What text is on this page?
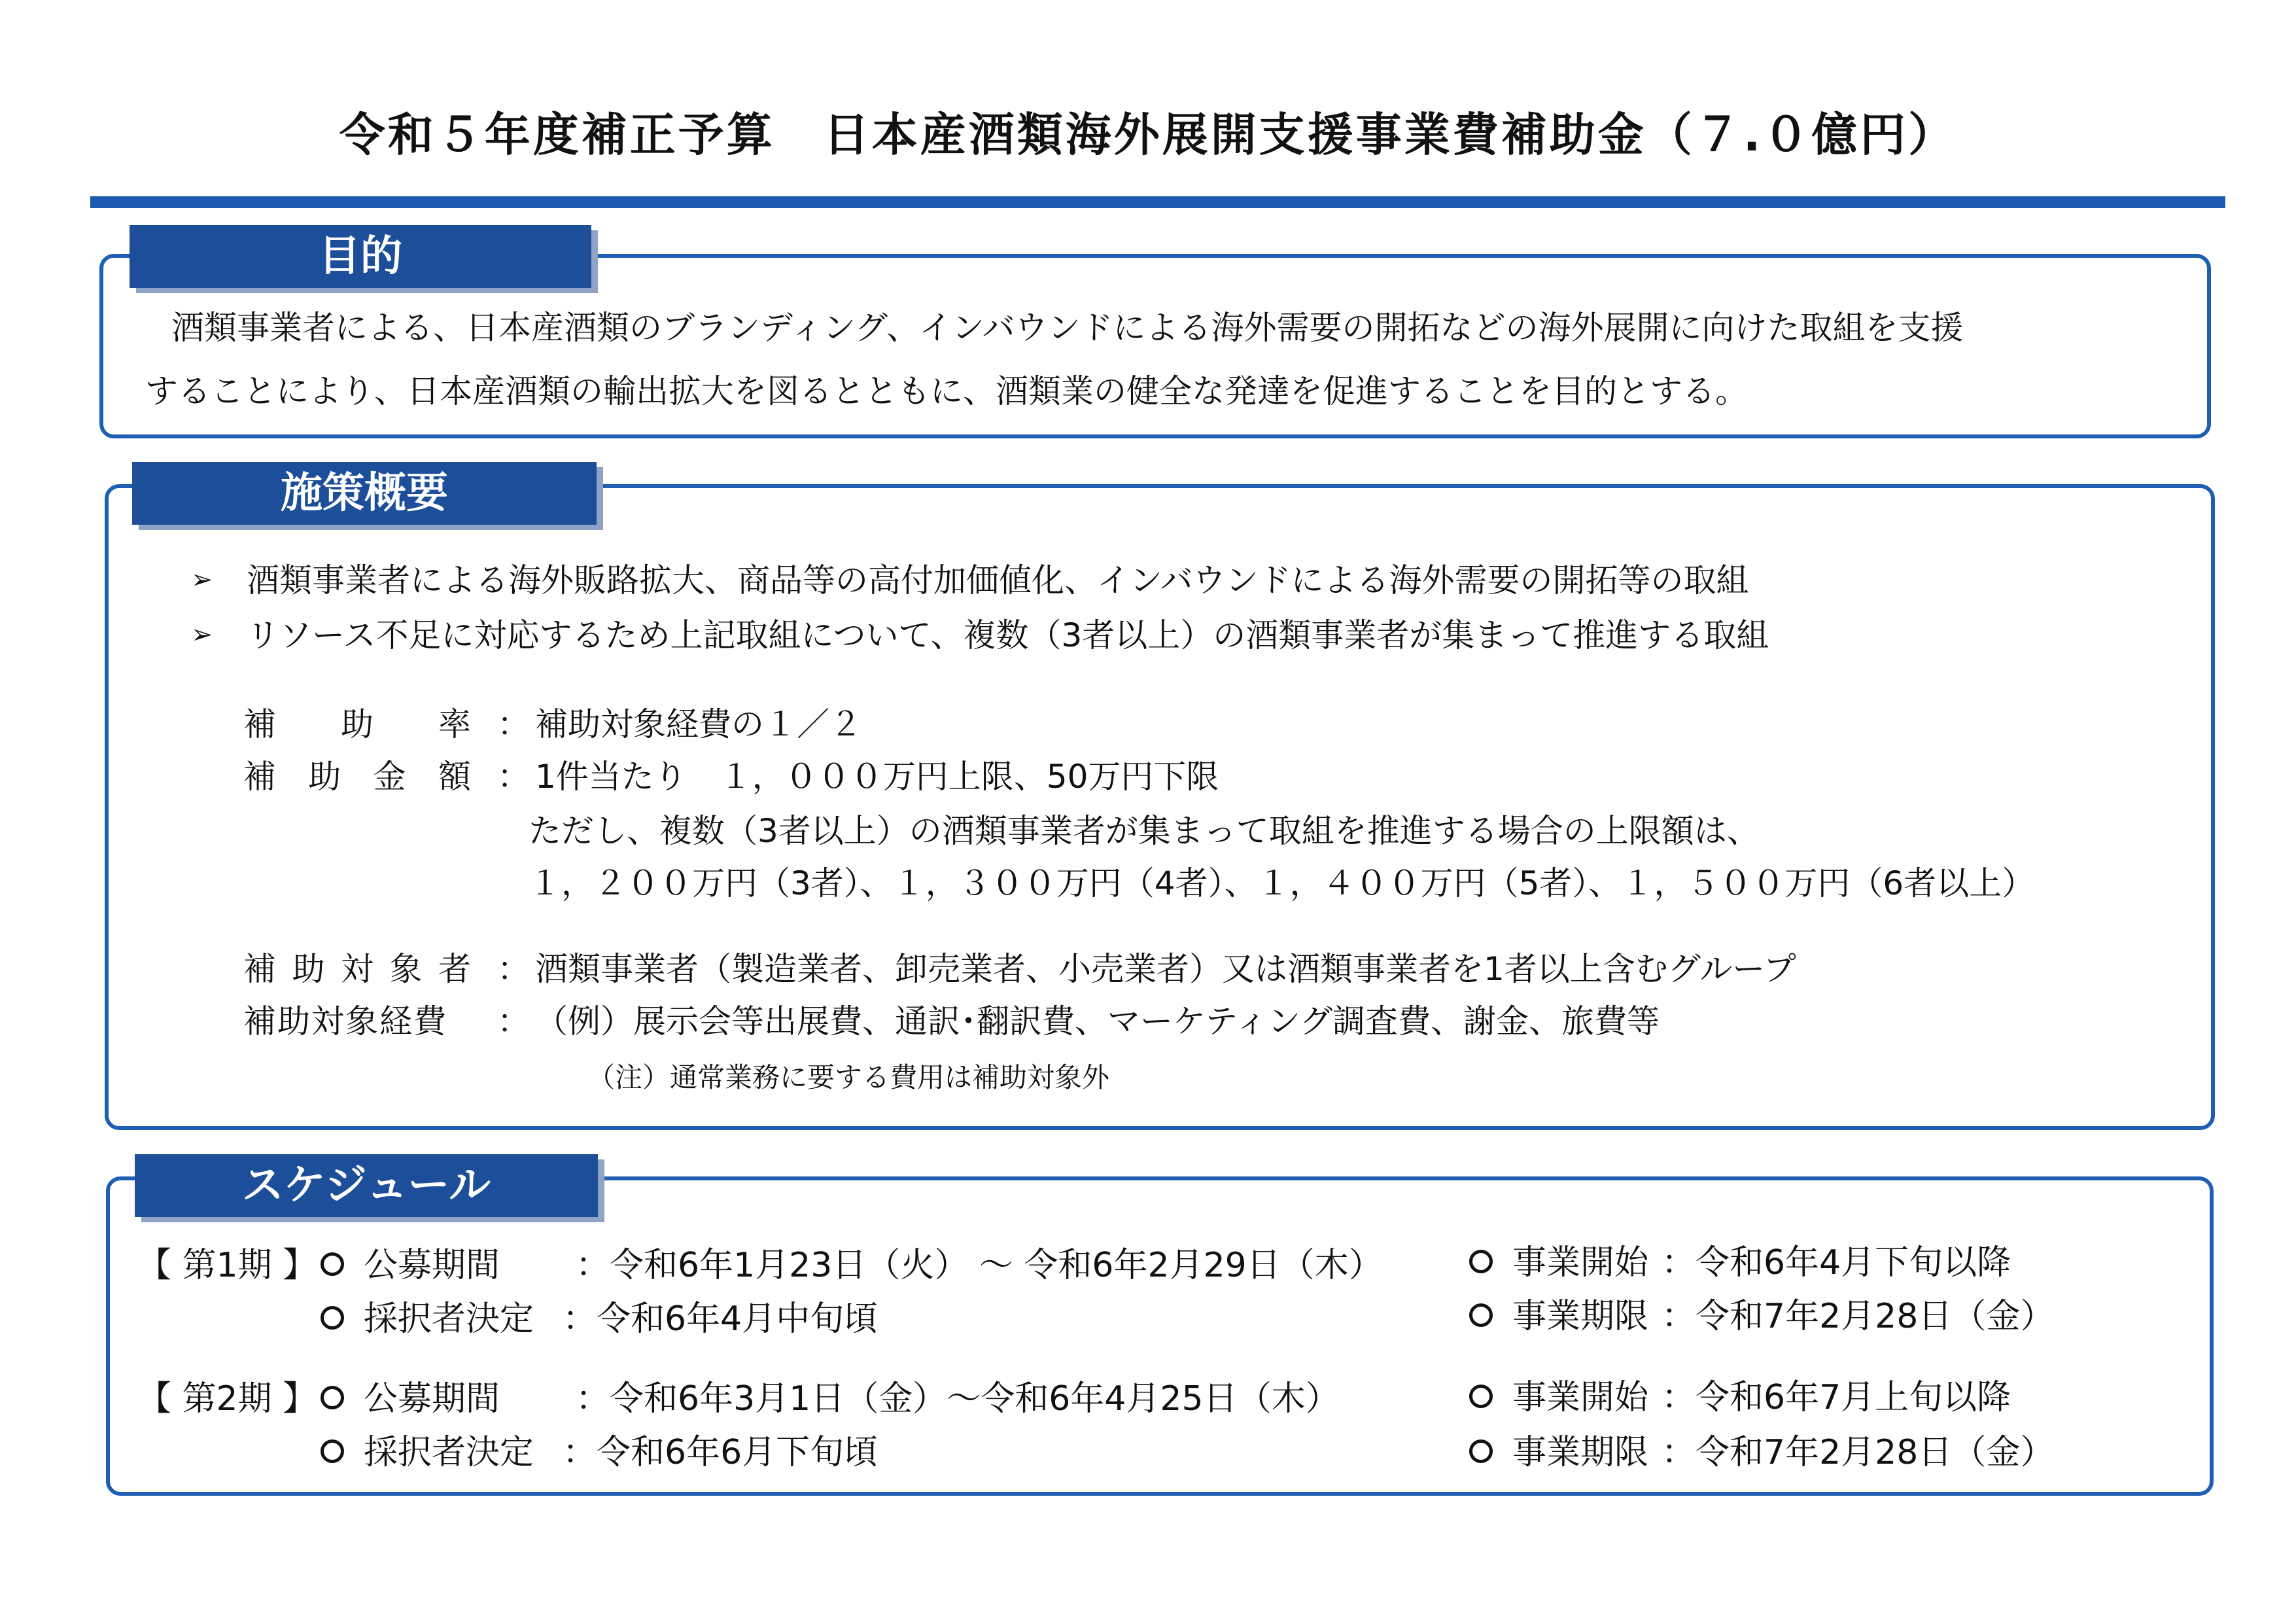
令和５年度補正予算　日本産酒類海外展開支援事業費補助金（７.０億円）
目的
酒類事業者による、日本産酒類のブランディング、インバウンドによる海外需要の開拓などの海外展開に向けた取組を支援
することにより、日本産酒類の輸出拡大を図るとともに、酒類業の健全な発達を促進することを目的とする。
施策概要
➢ 酒類事業者による海外販路拡大、商品等の高付加価値化、インバウンドによる海外需要の開拓等の取組
➢ リソース不足に対応するため上記取組について、複数（3者以上）の酒類事業者が集まって推進する取組
補 助 率 ： 補助対象経費の１／２
補 助 金 額 ： 1件当たり　１，０００万円上限、50万円下限
ただし、複数（3者以上）の酒類事業者が集まって取組を推進する場合の上限額は、
１，２００万円（3者）、１，３００万円（4者）、１，４００万円（5者）、１，５００万円（6者以上）
補 助 対 象 者 ： 酒類事業者（製造業者、卸売業者、小売業者）又は酒類事業者を1者以上含むグループ
補助対象経費 ： （例）展示会等出展費、通訳･翻訳費、マーケティング調査費、謝金、旅費等
（注）通常業務に要する費用は補助対象外
スケジュール
【 第1期 】 公募期間 ：令和6年1月23日（火） ～ 令和6年2月29日（木）
採択者決定 ：令和6年4月中旬頃
事業開始 ：令和6年4月下旬以降
事業期限 ：令和7年2月28日（金）
【 第2期 】 公募期間 ：令和6年3月1日（金）～令和6年4月25日（木）
採択者決定 ：令和6年6月下旬頃
事業開始 ：令和6年7月上旬以降
事業期限 ：令和7年2月28日（金）
